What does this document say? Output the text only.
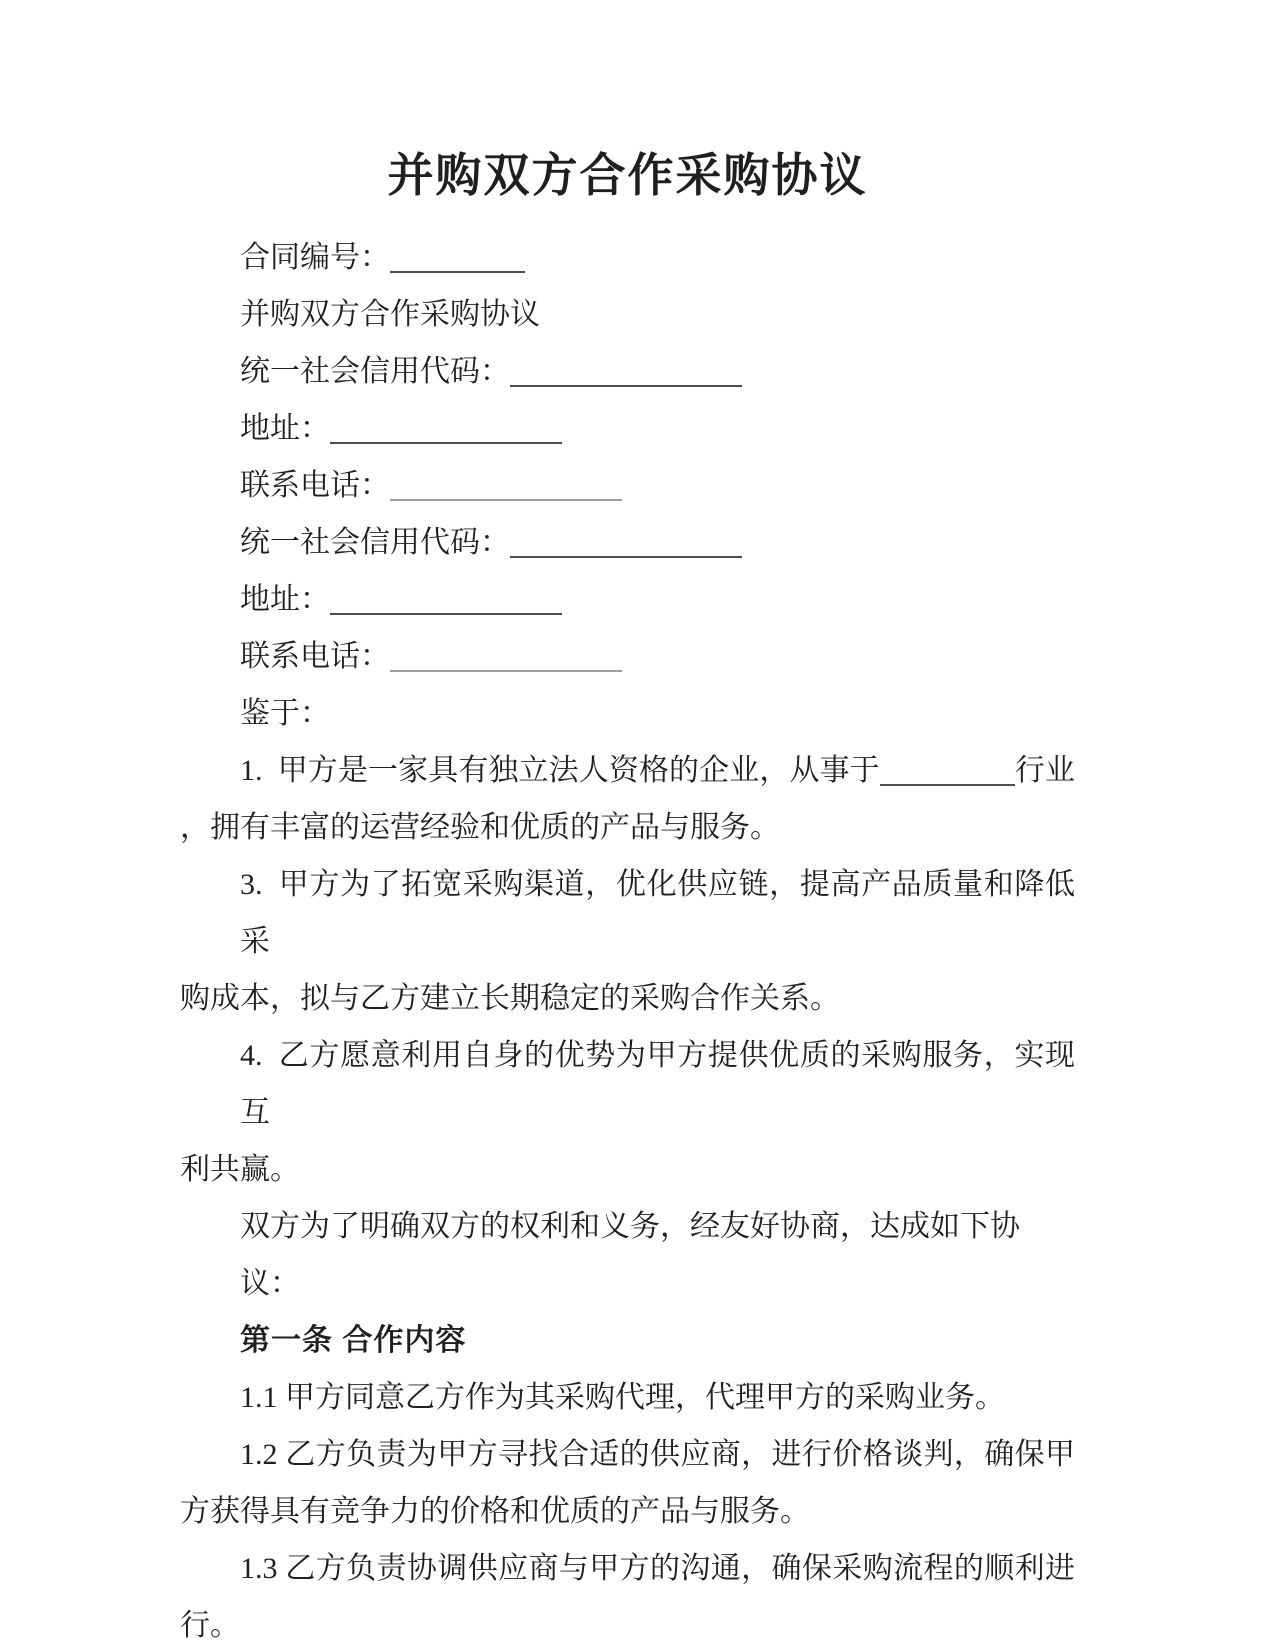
并购双方合作采购协议
合同编号：
并购双方合作采购协议
统一社会信用代码：
地址：
联系电话：
统一社会信用代码：
地址：
联系电话：
鉴于：
1.  甲方是一家具有独立法人资格的企业，从事于	行业
，拥有丰富的运营经验和优质的产品与服务。
3.  甲方为了拓宽采购渠道，优化供应链，提高产品质量和降低采
购成本，拟与乙方建立长期稳定的采购合作关系。
4.  乙方愿意利用自身的优势为甲方提供优质的采购服务，实现互
利共赢。
双方为了明确双方的权利和义务，经友好协商，达成如下协议：
第一条 合作内容
1.1 甲方同意乙方作为其采购代理，代理甲方的采购业务。
1.2 乙方负责为甲方寻找合适的供应商，进行价格谈判，确保甲
方获得具有竞争力的价格和优质的产品与服务。
1.3 乙方负责协调供应商与甲方的沟通，确保采购流程的顺利进
行。
